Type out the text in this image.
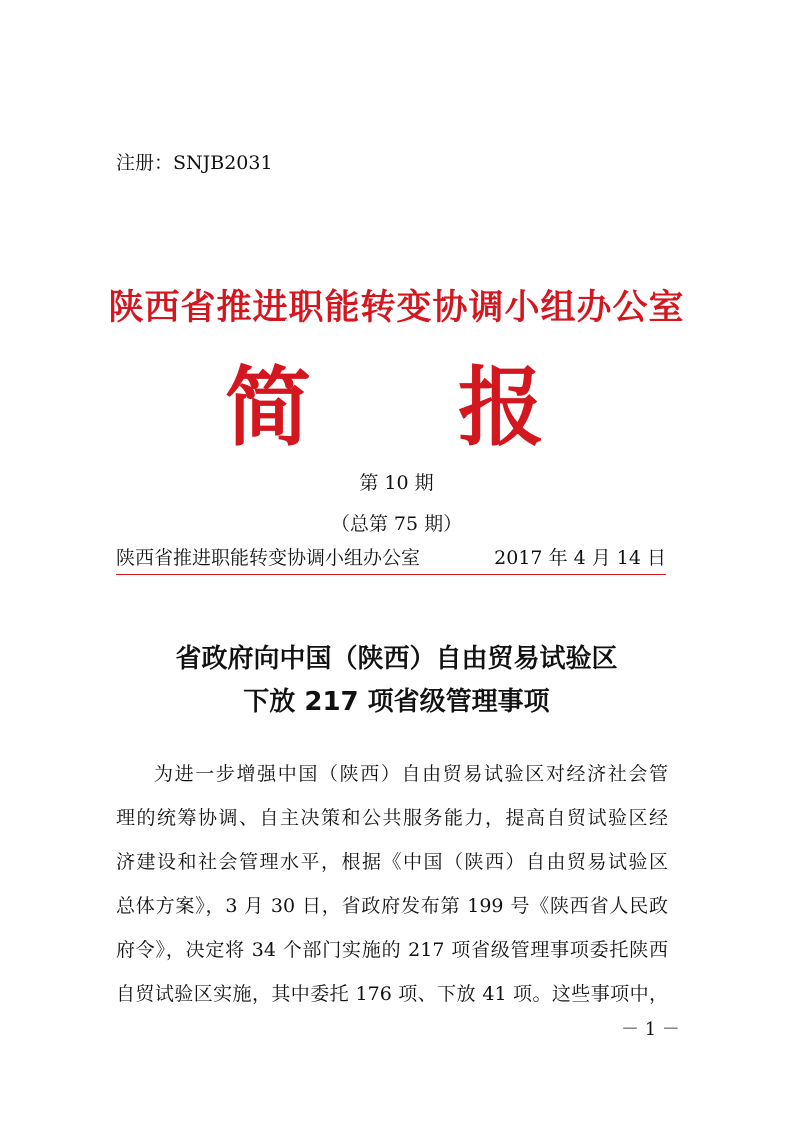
注册：SNJB2031
陕西省推进职能转变协调小组办公室
简 报
第 10 期
（总第 75 期）
陕西省推进职能转变协调小组办公室	2017 年 4 月 14 日
省政府向中国（陕西）自由贸易试验区
下放 217 项省级管理事项
为进一步增强中国（陕西）自由贸易试验区对经济社会管
理的统筹协调、自主决策和公共服务能力，提高自贸试验区经
济建设和社会管理水平，根据《中国（陕西）自由贸易试验区
总体方案》，3 月 30 日，省政府发布第 199 号《陕西省人民政
府令》，决定将 34 个部门实施的 217 项省级管理事项委托陕西
自贸试验区实施，其中委托 176 项、下放 41 项。这些事项中，
－ 1 －
